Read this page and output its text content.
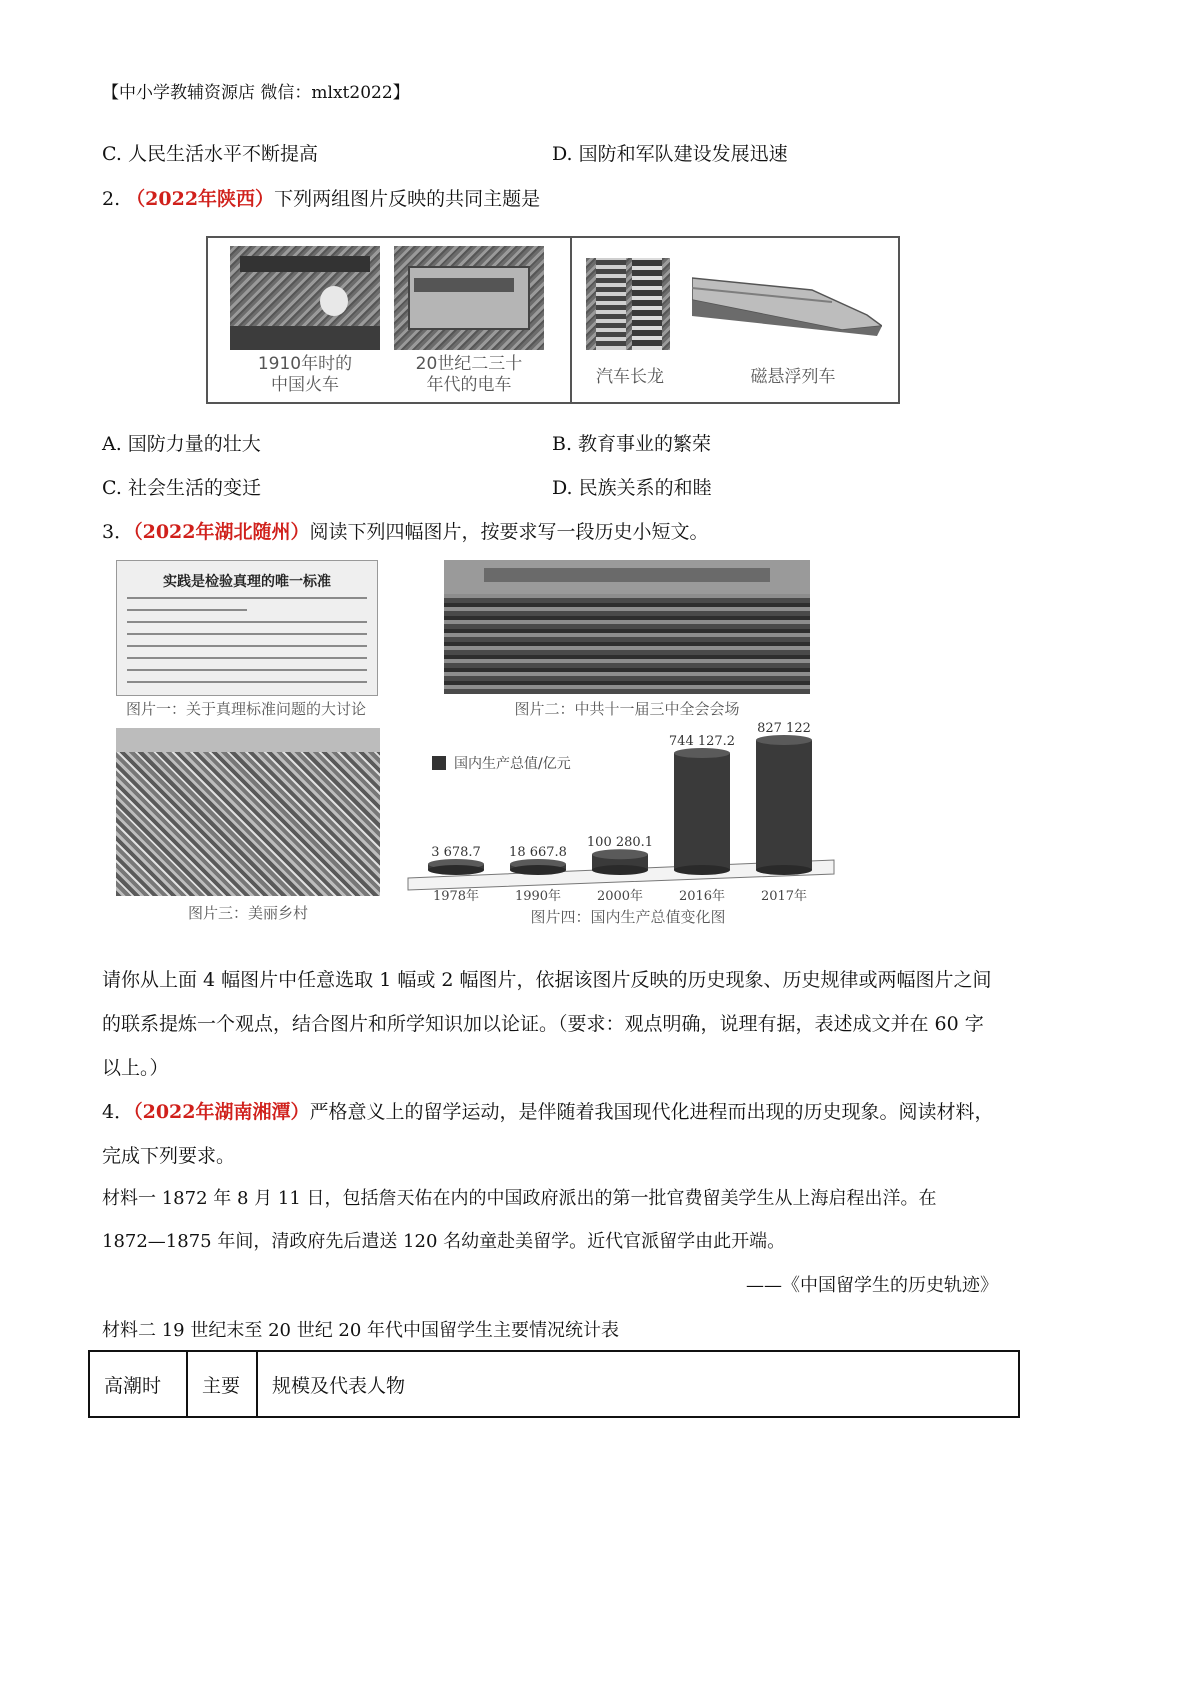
【中小学教辅资源店 微信：mlxt2022】
C. 人民生活水平不断提高	D. 国防和军队建设发展迅速
2. （2022年陕西）下列两组图片反映的共同主题是
1910年时的
中国火车
20世纪二三十
年代的电车	汽车长龙	磁悬浮列车
A. 国防力量的壮大	B. 教育事业的繁荣
C. 社会生活的变迁	D. 民族关系的和睦
3．（2022年湖北随州）阅读下列四幅图片，按要求写一段历史小短文。
实践是检验真理的唯一标准
图片一：关于真理标准问题的大讨论	图片二：中共十一届三中全会会场
图片三：美丽乡村
国内生产总值/亿元
3 678.7
1978年
18 667.8
1990年
100 280.1
2000年
744 127.2
2016年
827 122
2017年
图片四：国内生产总值变化图
请你从上面 4 幅图片中任意选取 1 幅或 2 幅图片，依据该图片反映的历史现象、历史规律或两幅图片之间
的联系提炼一个观点，结合图片和所学知识加以论证。（要求：观点明确，说理有据，表述成文并在 60 字
以上。）
4．（2022年湖南湘潭）严格意义上的留学运动，是伴随着我国现代化进程而出现的历史现象。阅读材料，
完成下列要求。
材料一 1872 年 8 月 11 日，包括詹天佑在内的中国政府派出的第一批官费留美学生从上海启程出洋。在
1872—1875 年间，清政府先后遣送 120 名幼童赴美留学。近代官派留学由此开端。
——《中国留学生的历史轨迹》
材料二 19 世纪末至 20 世纪 20 年代中国留学生主要情况统计表
高潮时	主要	规模及代表人物
